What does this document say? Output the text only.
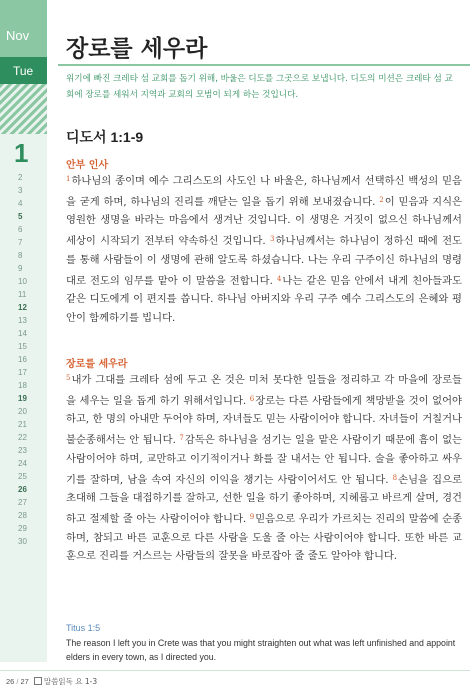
Nov
Tue
1
2
3
4
5
6
7
8
9
10
11
12
13
14
15
16
17
18
19
20
21
22
23
24
25
26
27
28
29
30
장로를 세우라

위기에 빠진 크레타 섬 교회를 돕기 위해, 바울은 디도를 그곳으로 보냅니다. 디도의 미션은 크레타 섬 교회에 장로를 세워서 지역과 교회의 모범이 되게 하는 것입니다.

디도서 1:1-9
안부 인사

$^1$하나님의 종이며 예수 그리스도의 사도인 나 바울은, 하나님께서 선택하신 백성의 믿음을 굳게 하며, 하나님의 진리를 깨닫는 일을 돕기 위해 보내졌습니다. $^2$이 믿음과 지식은 영원한 생명을 바라는 마음에서 생겨난 것입니다. 이 생명은 거짓이 없으신 하나님께서 세상이 시작되기 전부터 약속하신 것입니다. $^3$하나님께서는 하나님이 정하신 때에 전도를 통해 사람들이 이 생명에 관해 알도록 하셨습니다. 나는 우리 구주이신 하나님의 명령대로 전도의 임무를 맡아 이 말씀을 전합니다. $^4$나는 같은 믿음 안에서 내게 친아들과도 같은 디도에게 이 편지를 씁니다. 하나님 아버지와 우리 구주 예수 그리스도의 은혜와 평안이 함께하기를 빕니다.

장로를 세우라

$^5$내가 그대를 크레타 섬에 두고 온 것은 미처 못다한 일들을 정리하고 각 마을에 장로들을 세우는 일을 돕게 하기 위해서입니다. $^6$장로는 다른 사람들에게 책망받을 것이 없어야 하고, 한 명의 아내만 두어야 하며, 자녀들도 믿는 사람이어야 합니다. 자녀들이 거칠거나 불순종해서는 안 됩니다. $^7$감독은 하나님을 섬기는 일을 맡은 사람이기 때문에 흠이 없는 사람이어야 하며, 교만하고 이기적이거나 화를 잘 내서는 안 됩니다. 술을 좋아하고 싸우기를 잘하며, 남을 속여 자신의 이익을 챙기는 사람이어서도 안 됩니다. $^8$손님을 집으로 초대해 그들을 대접하기를 잘하고, 선한 일을 하기 좋아하며, 지혜롭고 바르게 살며, 경건하고 절제할 줄 아는 사람이어야 합니다. $^9$믿음으로 우리가 가르치는 진리의 말씀에 순종하며, 참되고 바른 교훈으로 다른 사람을 도울 줄 아는 사람이어야 합니다. 또한 바른 교훈으로 진리를 거스르는 사람들의 잘못을 바로잡아 줄 줄도 알아야 합니다.

Titus 1:5

The reason I left you in Crete was that you might straighten out what was left unfinished and appoint elders in every town, as I directed you.

26 / 27 말씀읽독 요 1-3
